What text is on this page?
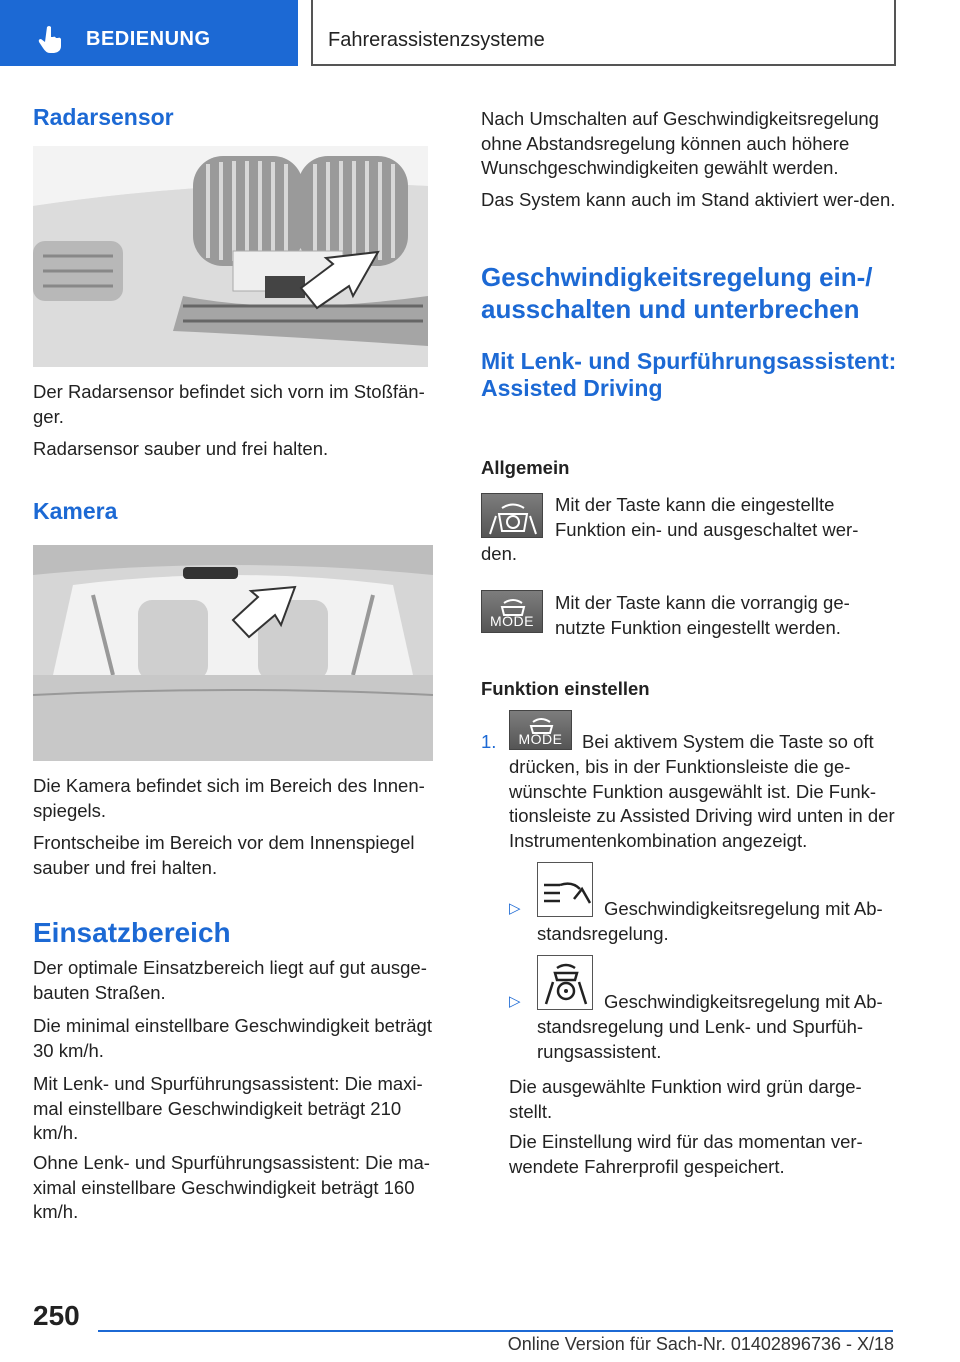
BEDIENUNG	Fahrerassistenzsysteme
Radarsensor
Der Radarsensor befindet sich vorn im Stoßfän-ger.
Radarsensor sauber und frei halten.
Kamera
Die Kamera befindet sich im Bereich des Innen-spiegels.
Frontscheibe im Bereich vor dem Innenspiegel sauber und frei halten.
Einsatzbereich
Der optimale Einsatzbereich liegt auf gut ausge-bauten Straßen.
Die minimal einstellbare Geschwindigkeit beträgt 30 km/h.
Mit Lenk- und Spurführungsassistent: Die maxi-mal einstellbare Geschwindigkeit beträgt 210 km/h.
Ohne Lenk- und Spurführungsassistent: Die ma-ximal einstellbare Geschwindigkeit beträgt 160 km/h.
Nach Umschalten auf Geschwindigkeitsregelung ohne Abstandsregelung können auch höhere Wunschgeschwindigkeiten gewählt werden.
Das System kann auch im Stand aktiviert wer-den.
Geschwindigkeitsregelung ein-/ ausschalten und unterbrechen
Mit Lenk- und Spurführungsassistent: Assisted Driving
Allgemein
Mit der Taste kann die eingestellte
Funktion ein- und ausgeschaltet wer-
den.
MODE
Mit der Taste kann die vorrangig ge-
nutzte Funktion eingestellt werden.
Funktion einstellen
1.	MODE	Bei aktivem System die Taste so oft
drücken, bis in der Funktionsleiste die ge-wünschte Funktion ausgewählt ist. Die Funk-tionsleiste zu Assisted Driving wird unten in der Instrumentenkombination angezeigt.
▷	Geschwindigkeitsregelung mit Ab-
standsregelung.
▷	Geschwindigkeitsregelung mit Ab-
standsregelung und Lenk- und Spurfüh-rungsassistent.
Die ausgewählte Funktion wird grün darge-stellt.
Die Einstellung wird für das momentan ver-wendete Fahrerprofil gespeichert.
250
Online Version für Sach-Nr. 01402896736 - X/18
